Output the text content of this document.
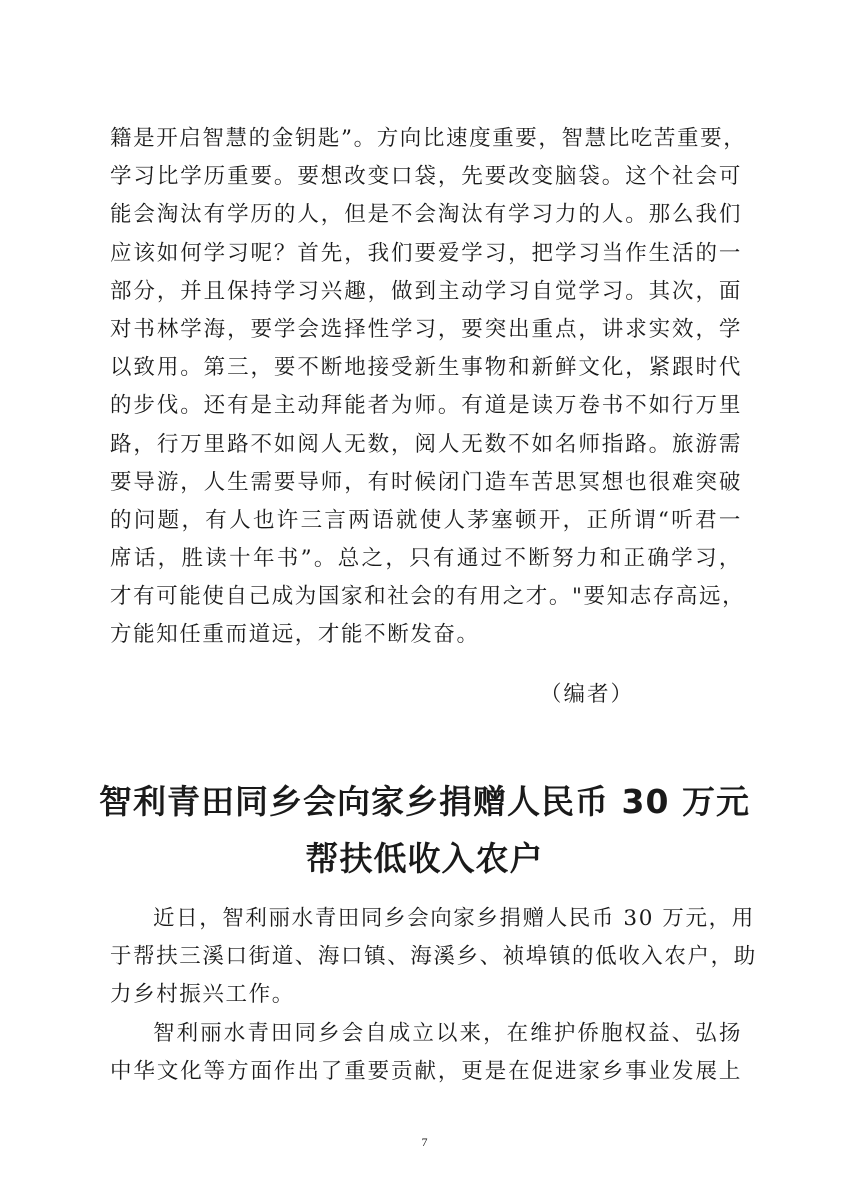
籍是开启智慧的金钥匙”。方向比速度重要，智慧比吃苦重要，
学习比学历重要。要想改变口袋，先要改变脑袋。这个社会可
能会淘汰有学历的人，但是不会淘汰有学习力的人。那么我们
应该如何学习呢？首先，我们要爱学习，把学习当作生活的一
部分，并且保持学习兴趣，做到主动学习自觉学习。其次，面
对书林学海，要学会选择性学习，要突出重点，讲求实效，学
以致用。第三，要不断地接受新生事物和新鲜文化，紧跟时代
的步伐。还有是主动拜能者为师。有道是读万卷书不如行万里
路，行万里路不如阅人无数，阅人无数不如名师指路。旅游需
要导游，人生需要导师，有时候闭门造车苦思冥想也很难突破
的问题，有人也许三言两语就使人茅塞顿开，正所谓“听君一
席话，胜读十年书”。总之，只有通过不断努力和正确学习，
才有可能使自己成为国家和社会的有用之才。"要知志存高远，
方能知任重而道远，才能不断发奋。
（编者）
智利青田同乡会向家乡捐赠人民币 30 万元
帮扶低收入农户
近日，智利丽水青田同乡会向家乡捐赠人民币 30 万元，用
于帮扶三溪口街道、海口镇、海溪乡、祯埠镇的低收入农户，助
力乡村振兴工作。
智利丽水青田同乡会自成立以来，在维护侨胞权益、弘扬
中华文化等方面作出了重要贡献，更是在促进家乡事业发展上
7
